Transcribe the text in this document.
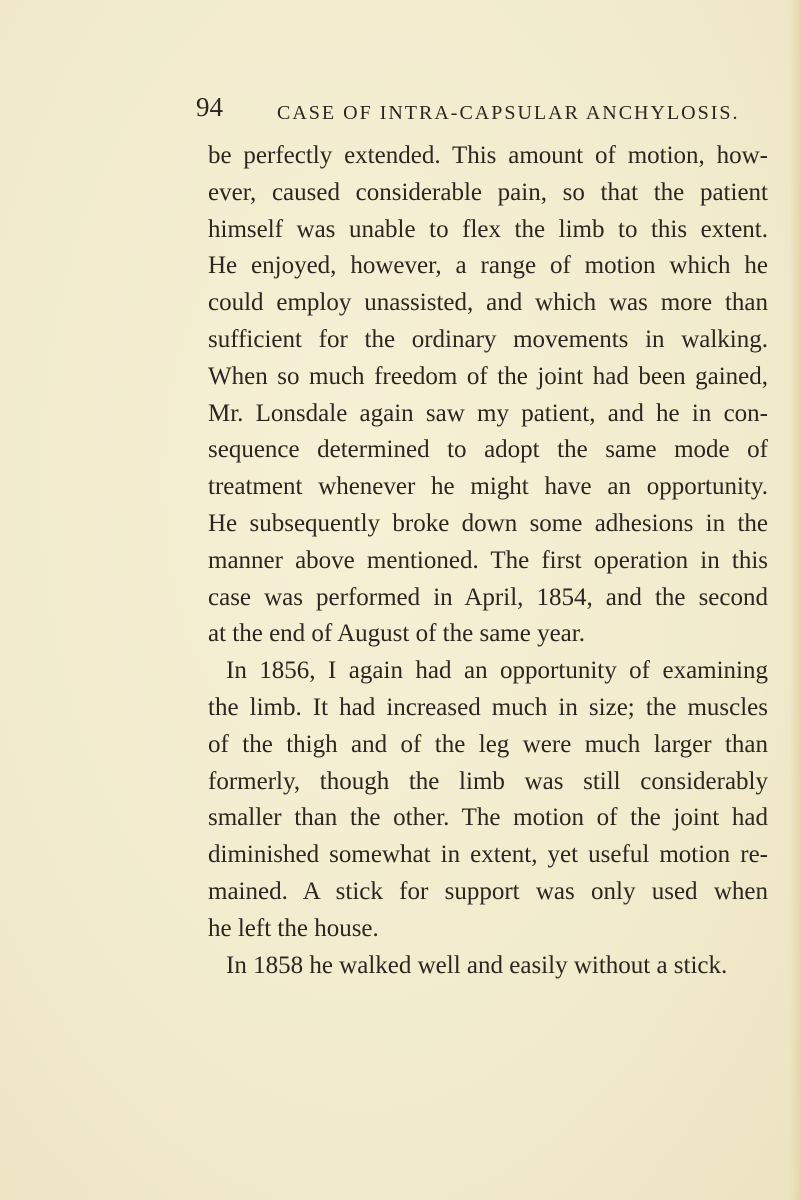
94	CASE OF INTRA-CAPSULAR ANCHYLOSIS.
be perfectly extended. This amount of motion, how-
ever, caused considerable pain, so that the patient
himself was unable to flex the limb to this extent.
He enjoyed, however, a range of motion which he
could employ unassisted, and which was more than
sufficient for the ordinary movements in walking.
When so much freedom of the joint had been gained,
Mr. Lonsdale again saw my patient, and he in con-
sequence determined to adopt the same mode of
treatment whenever he might have an opportunity.
He subsequently broke down some adhesions in the
manner above mentioned. The first operation in this
case was performed in April, 1854, and the second
at the end of August of the same year.
In 1856, I again had an opportunity of examining
the limb. It had increased much in size; the muscles
of the thigh and of the leg were much larger than
formerly, though the limb was still considerably
smaller than the other. The motion of the joint had
diminished somewhat in extent, yet useful motion re-
mained. A stick for support was only used when
he left the house.
In 1858 he walked well and easily without a stick.
